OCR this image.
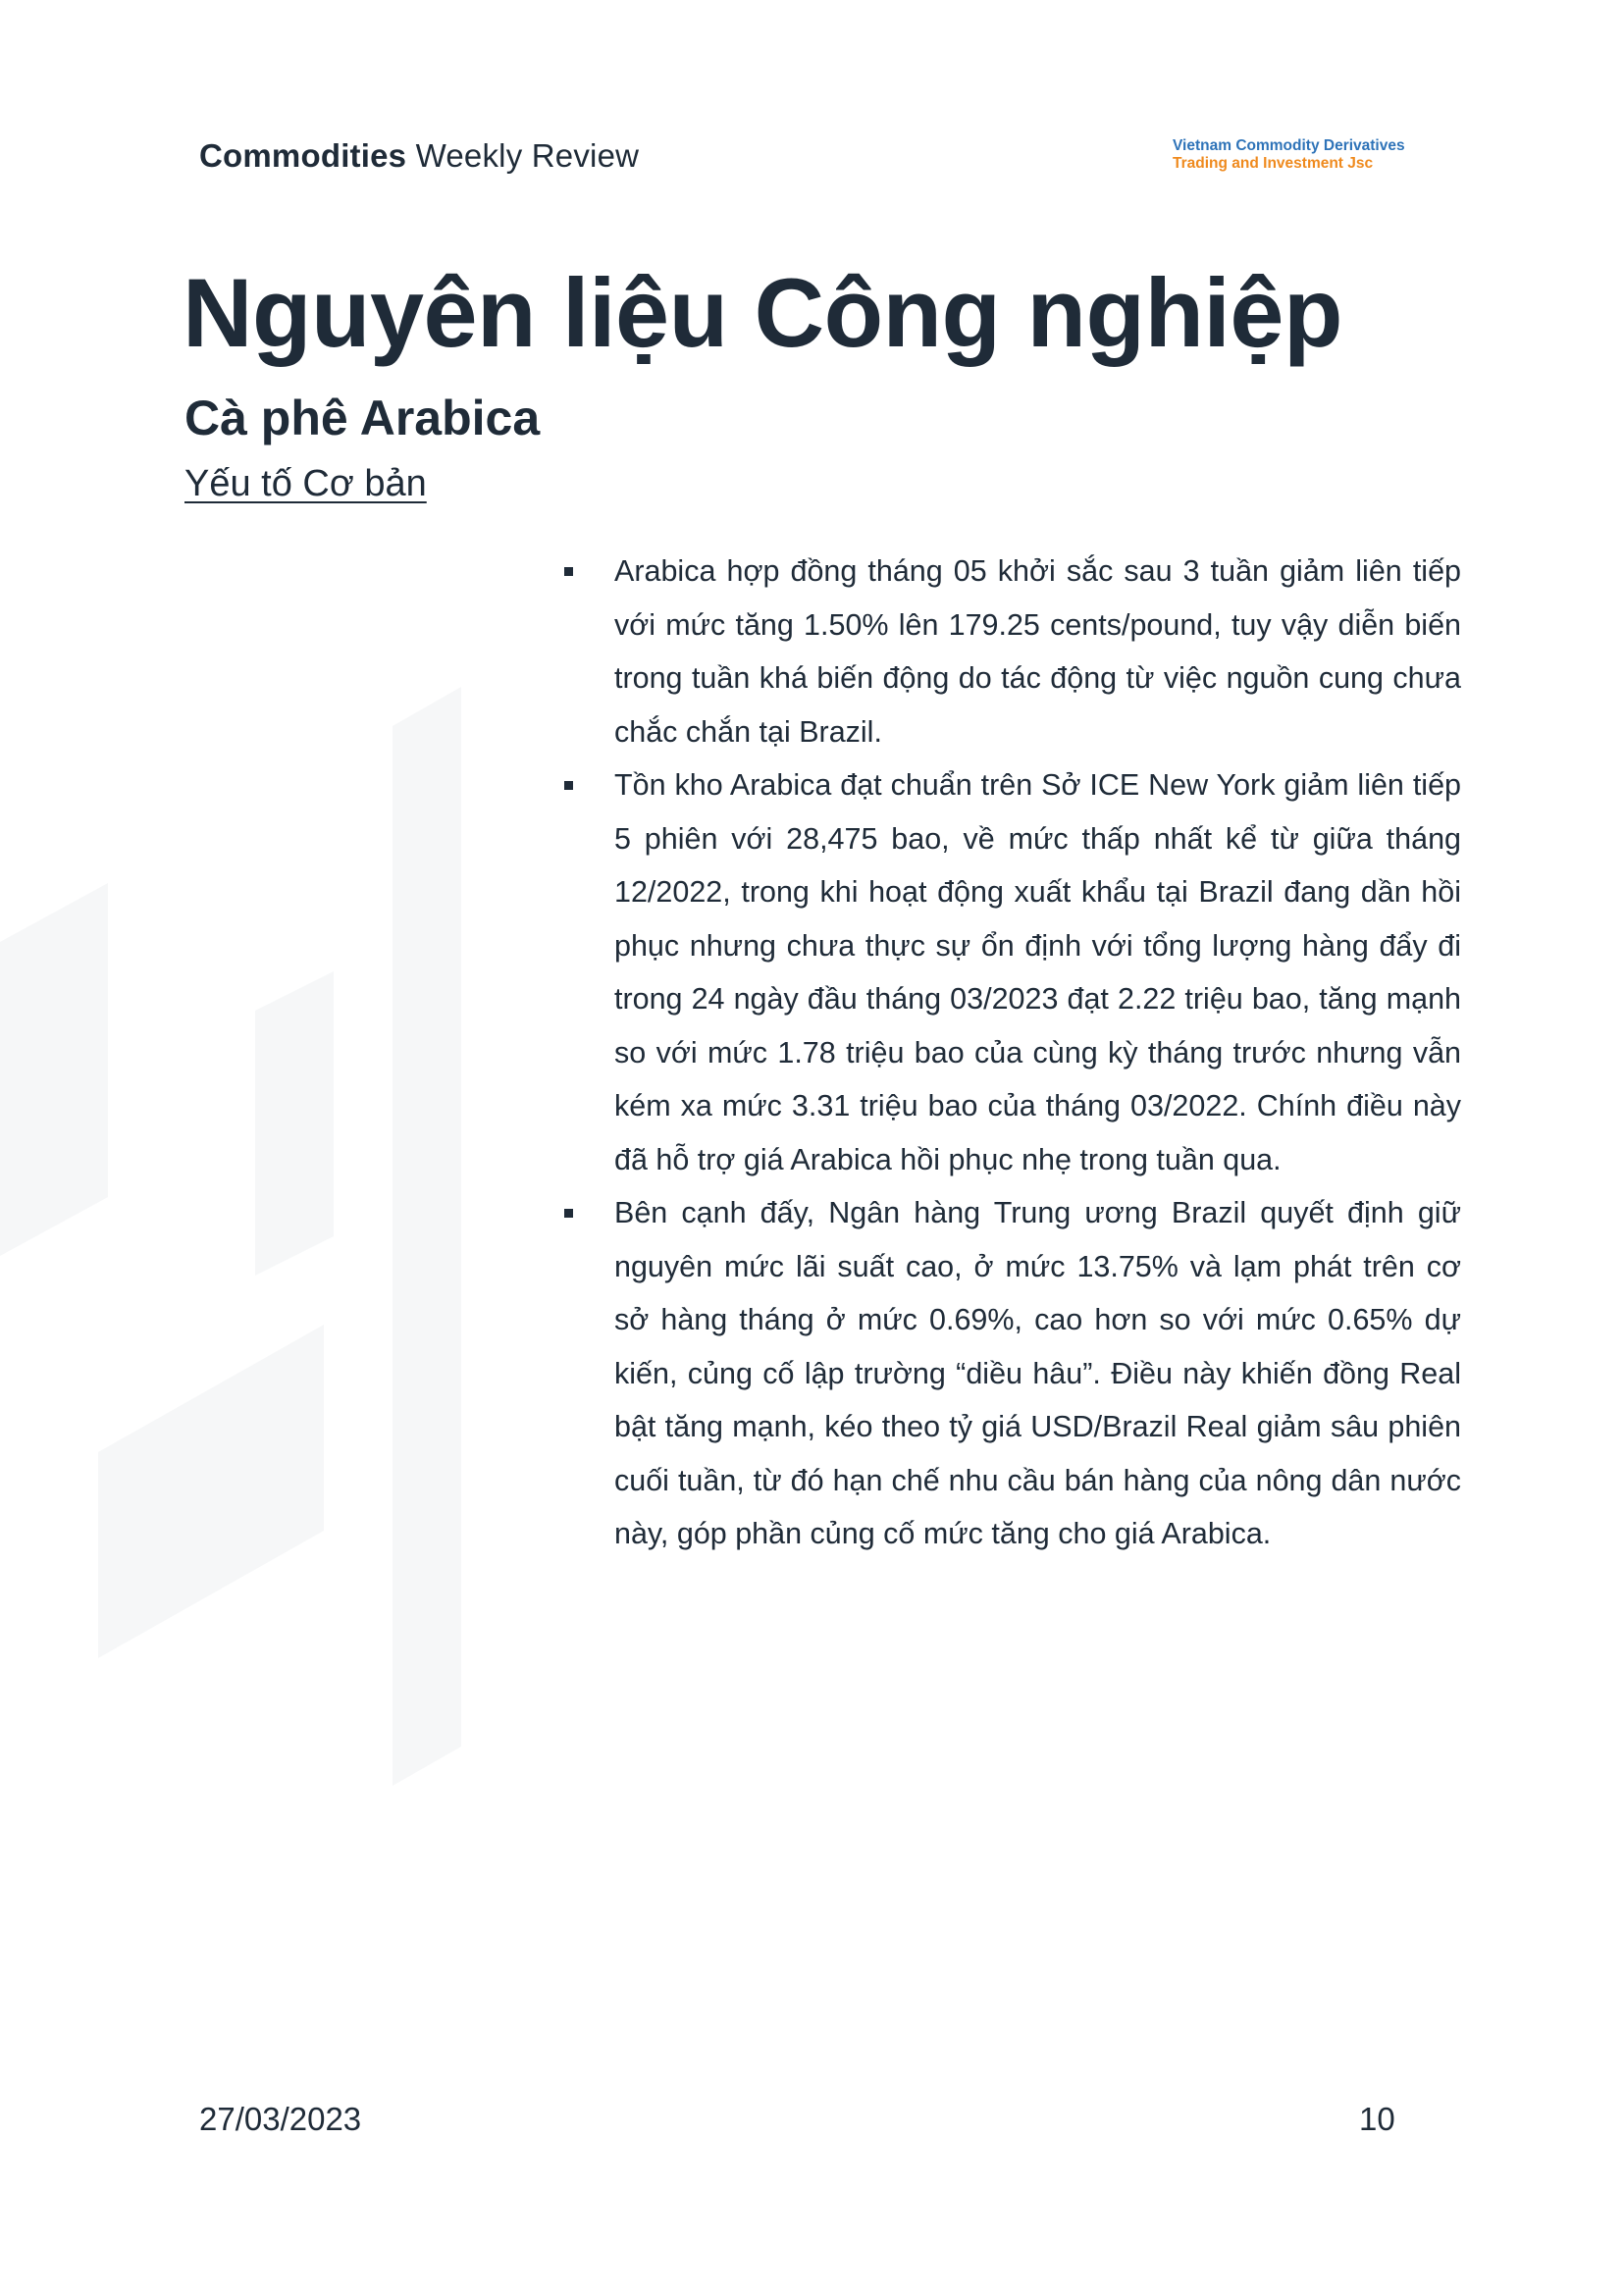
Commodities Weekly Review	Vietnam Commodity Derivatives
Trading and Investment Jsc
Nguyên liệu Công nghiệp
Cà phê Arabica
Yếu tố Cơ bản
Arabica hợp đồng tháng 05 khởi sắc sau 3 tuần giảm liên tiếp với mức tăng 1.50% lên 179.25 cents/pound, tuy vậy diễn biến trong tuần khá biến động do tác động từ việc nguồn cung chưa chắc chắn tại Brazil.
Tồn kho Arabica đạt chuẩn trên Sở ICE New York giảm liên tiếp 5 phiên với 28,475 bao, về mức thấp nhất kể từ giữa tháng 12/2022, trong khi hoạt động xuất khẩu tại Brazil đang dần hồi phục nhưng chưa thực sự ổn định với tổng lượng hàng đẩy đi trong 24 ngày đầu tháng 03/2023 đạt 2.22 triệu bao, tăng mạnh so với mức 1.78 triệu bao của cùng kỳ tháng trước nhưng vẫn kém xa mức 3.31 triệu bao của tháng 03/2022. Chính điều này đã hỗ trợ giá Arabica hồi phục nhẹ trong tuần qua.
Bên cạnh đấy, Ngân hàng Trung ương Brazil quyết định giữ nguyên mức lãi suất cao, ở mức 13.75% và lạm phát trên cơ sở hàng tháng ở mức 0.69%, cao hơn so với mức 0.65% dự kiến, củng cố lập trường “diều hâu”. Điều này khiến đồng Real bật tăng mạnh, kéo theo tỷ giá USD/Brazil Real giảm sâu phiên cuối tuần, từ đó hạn chế nhu cầu bán hàng của nông dân nước này, góp phần củng cố mức tăng cho giá Arabica.
27/03/2023	10
